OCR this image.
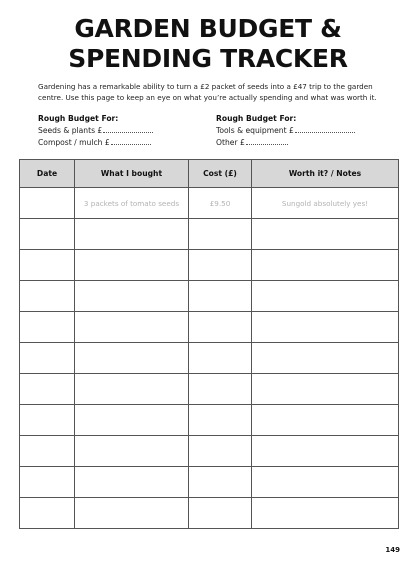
GARDEN BUDGET &
SPENDING TRACKER
Gardening has a remarkable ability to turn a £2 packet of seeds into a £47 trip to the garden centre. Use this page to keep an eye on what you’re actually spending and what was worth it.
Rough Budget For:
Seeds & plants £
Compost / mulch £
Rough Budget For:
Tools & equipment £
Other £
Date	What I bought	Cost (£)	Worth it? / Notes
	3 packets of tomato seeds	£9.50	Sungold absolutely yes!

149
